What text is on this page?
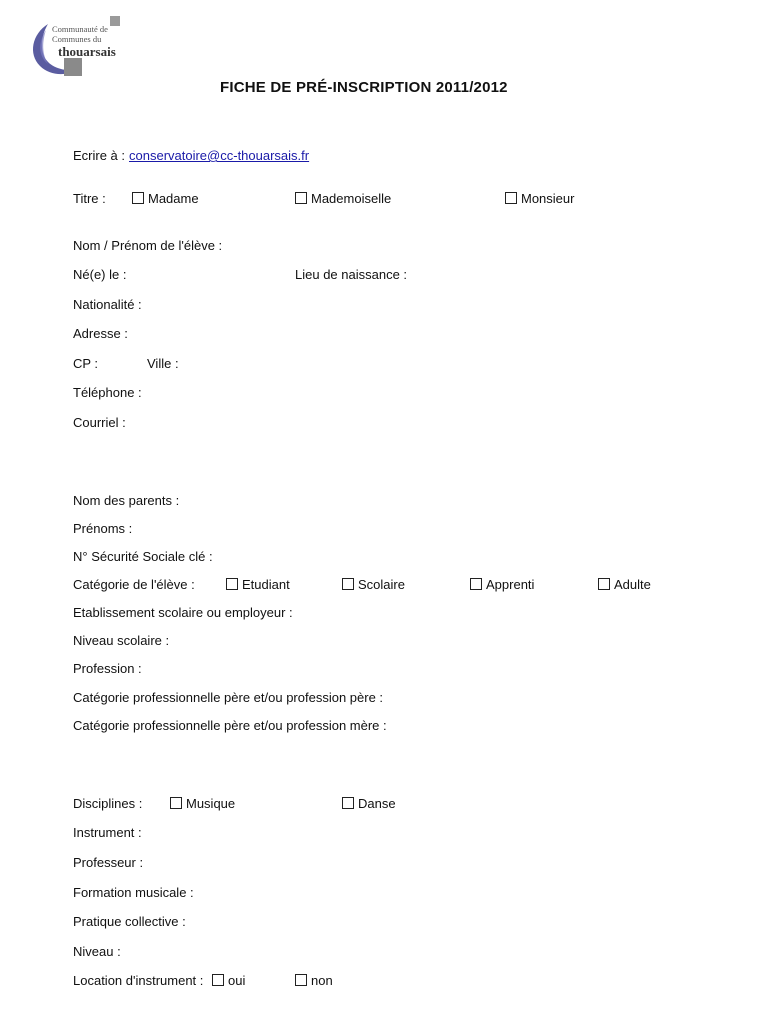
Communauté de
Communes du
thouarsais
FICHE DE PRÉ-INSCRIPTION 2011/2012
Ecrire à : conservatoire@cc-thouarsais.fr
Titre :	Madame	Mademoiselle	Monsieur
Nom / Prénom de l'élève :
Né(e) le :	Lieu de naissance :
Nationalité :
Adresse :
CP :	Ville :
Téléphone :
Courriel :
Nom des parents :
Prénoms :
N° Sécurité Sociale clé :
Catégorie de l'élève :	Etudiant	Scolaire	Apprenti	Adulte
Etablissement scolaire ou employeur :
Niveau scolaire :
Profession :
Catégorie professionnelle père et/ou profession père :
Catégorie professionnelle père et/ou profession mère :
Disciplines :	Musique	Danse
Instrument :
Professeur :
Formation musicale :
Pratique collective :
Niveau :
Location d'instrument :	oui	non
